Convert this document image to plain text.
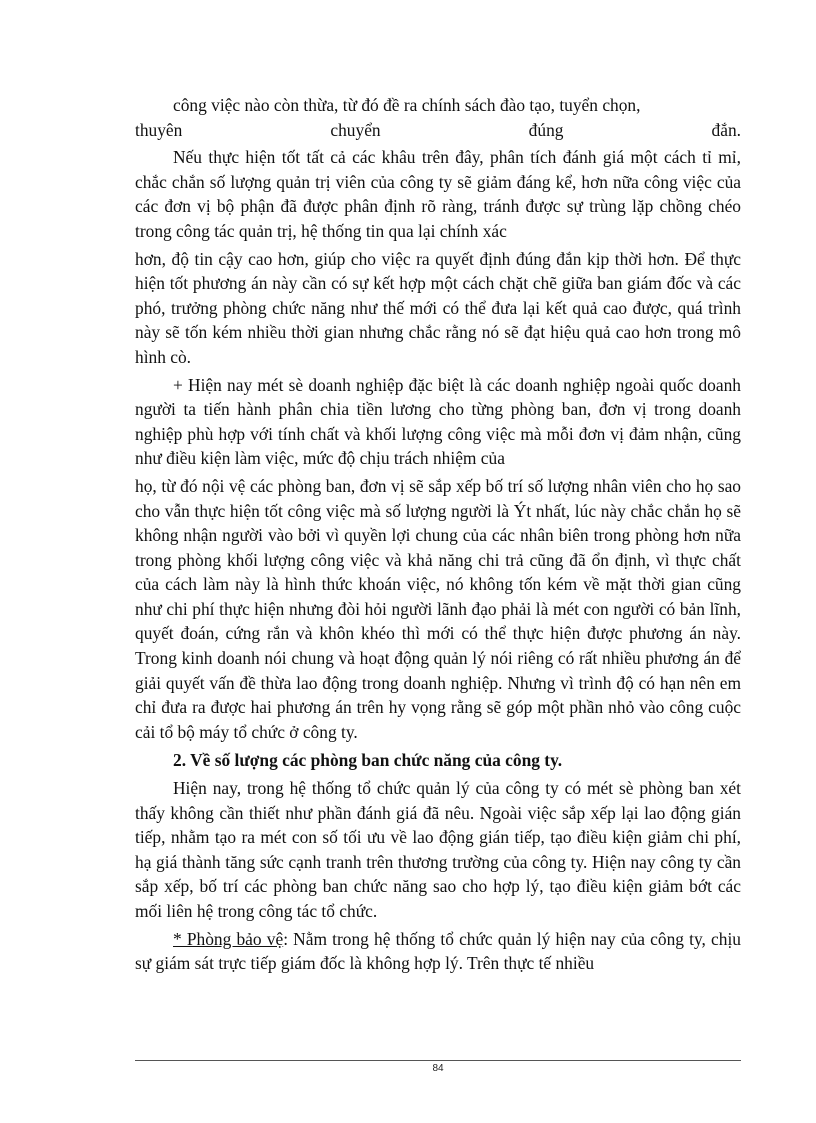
công việc nào còn thừa, từ đó đề ra chính sách đào tạo, tuyển chọn,

thuyên chuyển đúng đắn.

Nếu thực hiện tốt tất cả các khâu trên đây, phân tích đánh giá một cách tỉ mỉ, chắc chắn số lượng quản trị viên của công ty sẽ giảm đáng kể, hơn nữa công việc của các đơn vị bộ phận đã được phân định rõ ràng, tránh được sự trùng lặp chồng chéo trong công tác quản trị, hệ thống tin qua lại chính xác

hơn, độ tin cậy cao hơn, giúp cho việc ra quyết định đúng đắn kịp thời hơn. Để thực hiện tốt phương án này cần có sự kết hợp một cách chặt chẽ giữa ban giám đốc và các phó, trưởng phòng chức năng như thế mới có thể đưa lại kết quả cao được, quá trình này sẽ tốn kém nhiều thời gian nhưng chắc rằng nó sẽ đạt hiệu quả cao hơn trong mô hình cò.

+ Hiện nay mét sè doanh nghiệp đặc biệt là các doanh nghiệp ngoài quốc doanh người ta tiến hành phân chia tiền lương cho từng phòng ban, đơn vị trong doanh nghiệp phù hợp với tính chất và khối lượng công việc mà mỗi đơn vị đảm nhận, cũng như điều kiện làm việc, mức độ chịu trách nhiệm của

họ, từ đó nội vệ các phòng ban, đơn vị sẽ sắp xếp bố trí số lượng nhân viên cho họ sao cho vẫn thực hiện tốt công việc mà số lượng người là Ýt nhất, lúc này chắc chắn họ sẽ không nhận người vào bởi vì quyền lợi chung của các nhân biên trong phòng hơn nữa trong phòng khối lượng công việc và khả năng chi trả cũng đã ổn định, vì thực chất của cách làm này là hình thức khoán việc, nó không tốn kém về mặt thời gian cũng như chi phí thực hiện nhưng đòi hỏi người lãnh đạo phải là mét con người có bản lĩnh, quyết đoán, cứng rắn và khôn khéo thì mới có thể thực hiện được phương án này. Trong kinh doanh nói chung và hoạt động quản lý nói riêng có rất nhiều phương án để giải quyết vấn đề thừa lao động trong doanh nghiệp. Nhưng vì trình độ có hạn nên em chỉ đưa ra được hai phương án trên hy vọng rằng sẽ góp một phần nhỏ vào công cuộc cải tổ bộ máy tổ chức ở công ty.

2. Về số lượng các phòng ban chức năng của công ty.

Hiện nay, trong hệ thống tổ chức quản lý của công ty có mét sè phòng ban xét thấy không cần thiết như phần đánh giá đã nêu. Ngoài việc sắp xếp lại lao động gián tiếp, nhằm tạo ra mét con số tối ưu về lao động gián tiếp, tạo điều kiện giảm chi phí, hạ giá thành tăng sức cạnh tranh trên thương trường của công ty. Hiện nay công ty cần sắp xếp, bố trí các phòng ban chức năng sao cho hợp lý, tạo điều kiện giảm bớt các mối liên hệ trong công tác tổ chức.

* Phòng bảo vệ: Nằm trong hệ thống tổ chức quản lý hiện nay của công ty, chịu sự giám sát trực tiếp giám đốc là không hợp lý. Trên thực tế nhiều

84
